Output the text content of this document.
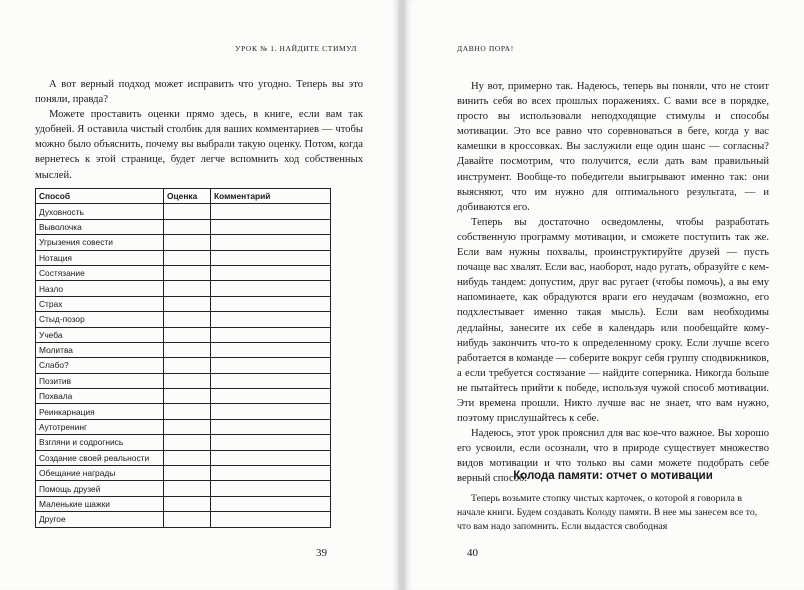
УРОК № 1. НАЙДИТЕ СТИМУЛ

А вот верный подход может исправить что угодно. Теперь вы это поняли, правда?

Можете проставить оценки прямо здесь, в книге, если вам так удобней. Я оставила чистый столбик для ваших комментариев — чтобы можно было объяснить, почему вы выбрали такую оценку. Потом, когда вернетесь к этой странице, будет легче вспомнить ход собственных мыслей.

Способ	Оценка	Комментарий
Духовность		
Выволочка		
Угрызения совести		
Нотация		
Состязание		
Назло		
Страх		
Стыд-позор		
Учеба		
Молитва		
Слабо?		
Позитив		
Похвала		
Реинкарнация		
Аутотренинг		
Взгляни и содрогнись		
Создание своей реальности		
Обещание награды		
Помощь друзей		
Маленькие шажки		
Другое		
39
ДАВНО ПОРА!

Ну вот, примерно так. Надеюсь, теперь вы поняли, что не стоит винить себя во всех прошлых поражениях. С вами все в порядке, просто вы использовали неподходящие стимулы и способы мотивации. Это все равно что соревноваться в беге, когда у вас камешки в кроссовках. Вы заслужили еще один шанс — согласны? Давайте посмотрим, что получится, если дать вам правильный инструмент. Вообще-то победители выигрывают именно так: они выясняют, что им нужно для оптимального результата, — и добиваются его.

Теперь вы достаточно осведомлены, чтобы разработать собственную программу мотивации, и сможете поступить так же. Если вам нужны похвалы, проинструктируйте друзей — пусть почаще вас хвалят. Если вас, наоборот, надо ругать, образуйте с кем-нибудь тандем: допустим, друг вас ругает (чтобы помочь), а вы ему напоминаете, как обрадуются враги его неудачам (возможно, его подхлестывает именно такая мысль). Если вам необходимы дедлайны, занесите их себе в календарь или пообещайте кому-нибудь закончить что-то к определенному сроку. Если лучше всего работается в команде — соберите вокруг себя группу сподвижников, а если требуется состязание — найдите соперника. Никогда больше не пытайтесь прийти к победе, используя чужой способ мотивации. Эти времена прошли. Никто лучше вас не знает, что вам нужно, поэтому прислушайтесь к себе.

Надеюсь, этот урок прояснил для вас кое-что важное. Вы хорошо его усвоили, если осознали, что в природе существует множество видов мотивации и что только вы сами можете подобрать себе верный способ.

Колода памяти: отчет о мотивации

Теперь возьмите стопку чистых карточек, о которой я говорила в начале книги. Будем создавать Колоду памяти. В нее мы занесем все то, что вам надо запомнить. Если выдастся свободная

40
